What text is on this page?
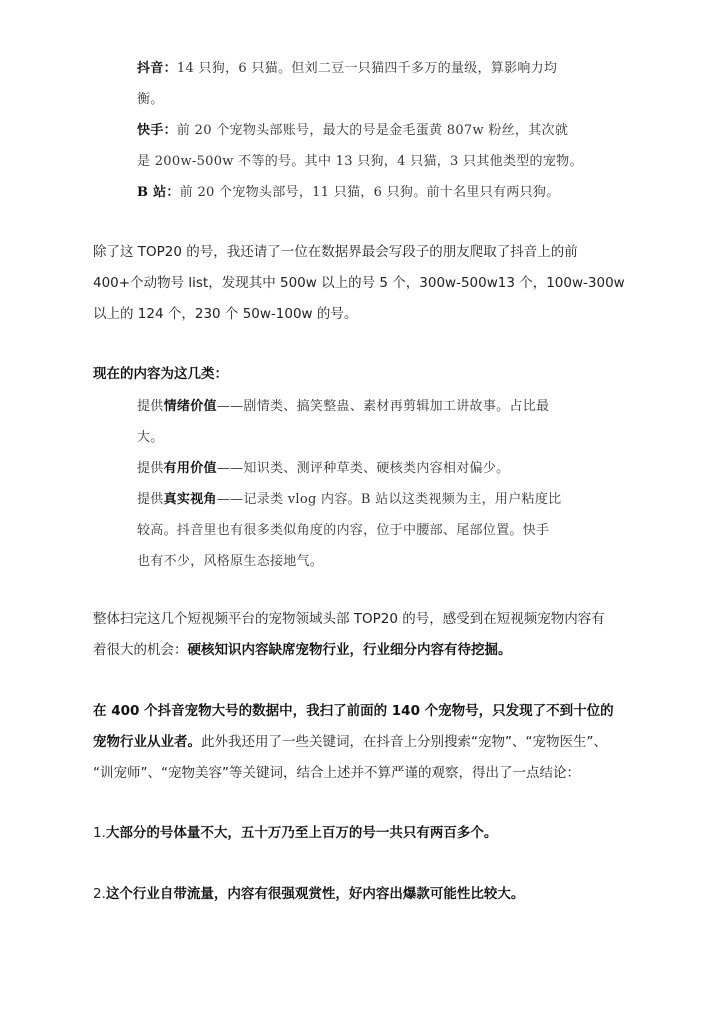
抖音：14 只狗，6 只猫。但刘二豆一只猫四千多万的量级，算影响力均
衡。
快手：前 20 个宠物头部账号，最大的号是金毛蛋黄 807w 粉丝，其次就
是 200w-500w 不等的号。其中 13 只狗，4 只猫，3 只其他类型的宠物。
B 站：前 20 个宠物头部号，11 只猫，6 只狗。前十名里只有两只狗。
除了这 TOP20 的号，我还请了一位在数据界最会写段子的朋友爬取了抖音上的前
400+个动物号 list，发现其中 500w 以上的号 5 个，300w-500w13 个，100w-300w
以上的 124 个，230 个 50w-100w 的号。
现在的内容为这几类：
提供情绪价值——剧情类、搞笑整蛊、素材再剪辑加工讲故事。占比最
大。
提供有用价值——知识类、测评种草类、硬核类内容相对偏少。
提供真实视角——记录类 vlog 内容。B 站以这类视频为主，用户粘度比
较高。抖音里也有很多类似角度的内容，位于中腰部、尾部位置。快手
也有不少，风格原生态接地气。
整体扫完这几个短视频平台的宠物领域头部 TOP20 的号，感受到在短视频宠物内容有
着很大的机会：硬核知识内容缺席宠物行业，行业细分内容有待挖掘。
在 400 个抖音宠物大号的数据中，我扫了前面的 140 个宠物号，只发现了不到十位的
宠物行业从业者。此外我还用了一些关键词，在抖音上分别搜索“宠物”、“宠物医生”、
“训宠师”、“宠物美容”等关键词，结合上述并不算严谨的观察，得出了一点结论：
1.大部分的号体量不大，五十万乃至上百万的号一共只有两百多个。
2.这个行业自带流量，内容有很强观赏性，好内容出爆款可能性比较大。
